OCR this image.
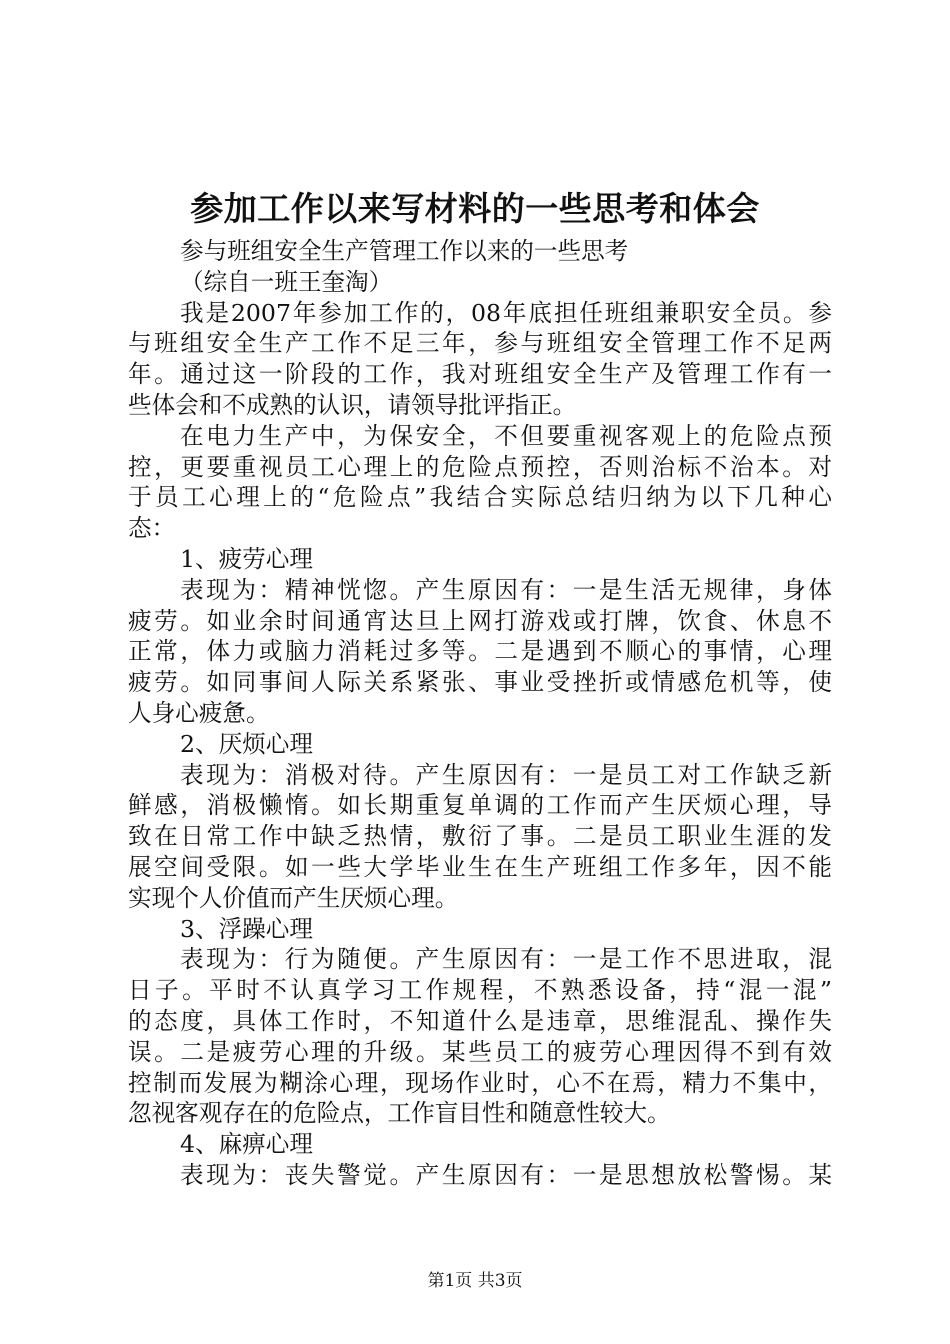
参加工作以来写材料的一些思考和体会
参与班组安全生产管理工作以来的一些思考
（综自一班王奎淘）
我是2007年参加工作的，08年底担任班组兼职安全员。参
与班组安全生产工作不足三年，参与班组安全管理工作不足两
年。通过这一阶段的工作，我对班组安全生产及管理工作有一
些体会和不成熟的认识，请领导批评指正。
在电力生产中，为保安全，不但要重视客观上的危险点预
控，更要重视员工心理上的危险点预控，否则治标不治本。对
于员工心理上的“危险点”我结合实际总结归纳为以下几种心
态：
1、疲劳心理
表现为：精神恍惚。产生原因有：一是生活无规律，身体
疲劳。如业余时间通宵达旦上网打游戏或打牌，饮食、休息不
正常，体力或脑力消耗过多等。二是遇到不顺心的事情，心理
疲劳。如同事间人际关系紧张、事业受挫折或情感危机等，使
人身心疲惫。
2、厌烦心理
表现为：消极对待。产生原因有：一是员工对工作缺乏新
鲜感，消极懒惰。如长期重复单调的工作而产生厌烦心理，导
致在日常工作中缺乏热情，敷衍了事。二是员工职业生涯的发
展空间受限。如一些大学毕业生在生产班组工作多年，因不能
实现个人价值而产生厌烦心理。
3、浮躁心理
表现为：行为随便。产生原因有：一是工作不思进取，混
日子。平时不认真学习工作规程，不熟悉设备，持“混一混”
的态度，具体工作时，不知道什么是违章，思维混乱、操作失
误。二是疲劳心理的升级。某些员工的疲劳心理因得不到有效
控制而发展为糊涂心理，现场作业时，心不在焉，精力不集中，
忽视客观存在的危险点，工作盲目性和随意性较大。
4、麻痹心理
表现为：丧失警觉。产生原因有：一是思想放松警惕。某
第1页 共3页
